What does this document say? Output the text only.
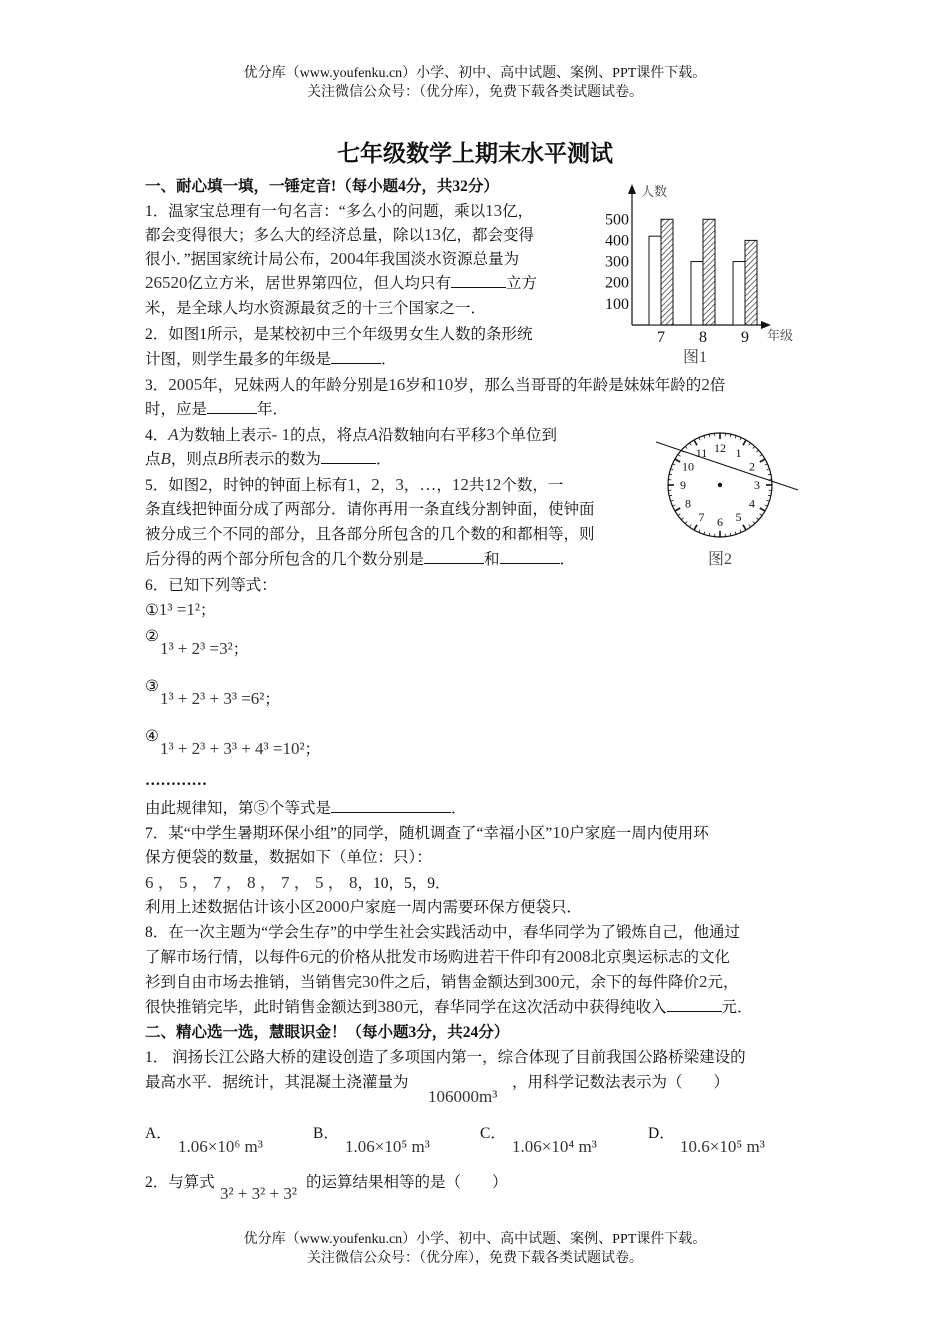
优分库（www.youfenku.cn）小学、初中、高中试题、案例、PPT课件下载。
关注微信公众号：（优分库），免费下载各类试题试卷。
七年级数学上期末水平测试
一、耐心填一填，一锤定音!（每小题4分，共32分）
1．温家宝总理有一句名言：“多么小的问题，乘以13亿，
都会变得很大；多么大的经济总量，除以13亿，都会变得
很小．”据国家统计局公布，2004年我国淡水资源总量为
26520亿立方米，居世界第四位，但人均只有	立方
米，是全球人均水资源最贫乏的十三个国家之一．
2．如图1所示，是某校初中三个年级男女生人数的条形统
计图，则学生最多的年级是	．
人数
年级
500
400
300
200
100
7 8 9
图1
3．2005年，兄妹两人的年龄分别是16岁和10岁，那么当哥哥的年龄是妹妹年龄的2倍
时，应是	年．
4．A为数轴上表示- 1的点，将点A沿数轴向右平移3个单位到
点B，则点B所表示的数为	．
5．如图2，时钟的钟面上标有1，2，3，…，12共12个数，一
条直线把钟面分成了两部分．请你再用一条直线分割钟面，使钟面
被分成三个不同的部分，且各部分所包含的几个数的和都相等，则
后分得的两个部分所包含的几个数分别是	和	．
12 1
2
3
4
5
6
7
8
9
10
11
图2
6．已知下列等式：
①1³ =1²；
②
1³ + 2³ =3²；
③
1³ + 2³ + 3³ =6²；
④
1³ + 2³ + 3³ + 4³ =10²；
…………
由此规律知，第⑤个等式是	．
7．某“中学生暑期环保小组”的同学，随机调查了“幸福小区”10户家庭一周内使用环
保方便袋的数量，数据如下（单位：只）：
6 ， 5 ， 7 ， 8 ， 7 ， 5 ， 8，10，5，9．
利用上述数据估计该小区2000户家庭一周内需要环保方便袋只．
8．在一次主题为“学会生存”的中学生社会实践活动中，春华同学为了锻炼自己，他通过
了解市场行情，以每件6元的价格从批发市场购进若干件印有2008北京奥运标志的文化
衫到自由市场去推销，当销售完30件之后，销售金额达到300元，余下的每件降价2元，
很快推销完毕，此时销售金额达到380元，春华同学在这次活动中获得纯收入	元．
二、精心选一选，慧眼识金！（每小题3分，共24分）
1． 润扬长江公路大桥的建设创造了多项国内第一，综合体现了目前我国公路桥梁建设的
最高水平．据统计，其混凝土浇灌量为
106000m³
，用科学记数法表示为（　　）
A．
1.06×10⁶ m³
B．
1.06×10⁵ m³
C．
1.06×10⁴ m³
D．
10.6×10⁵ m³
2．与算式
3² + 3² + 3²
的运算结果相等的是（　　）
优分库（www.youfenku.cn）小学、初中、高中试题、案例、PPT课件下载。
关注微信公众号：（优分库），免费下载各类试题试卷。
